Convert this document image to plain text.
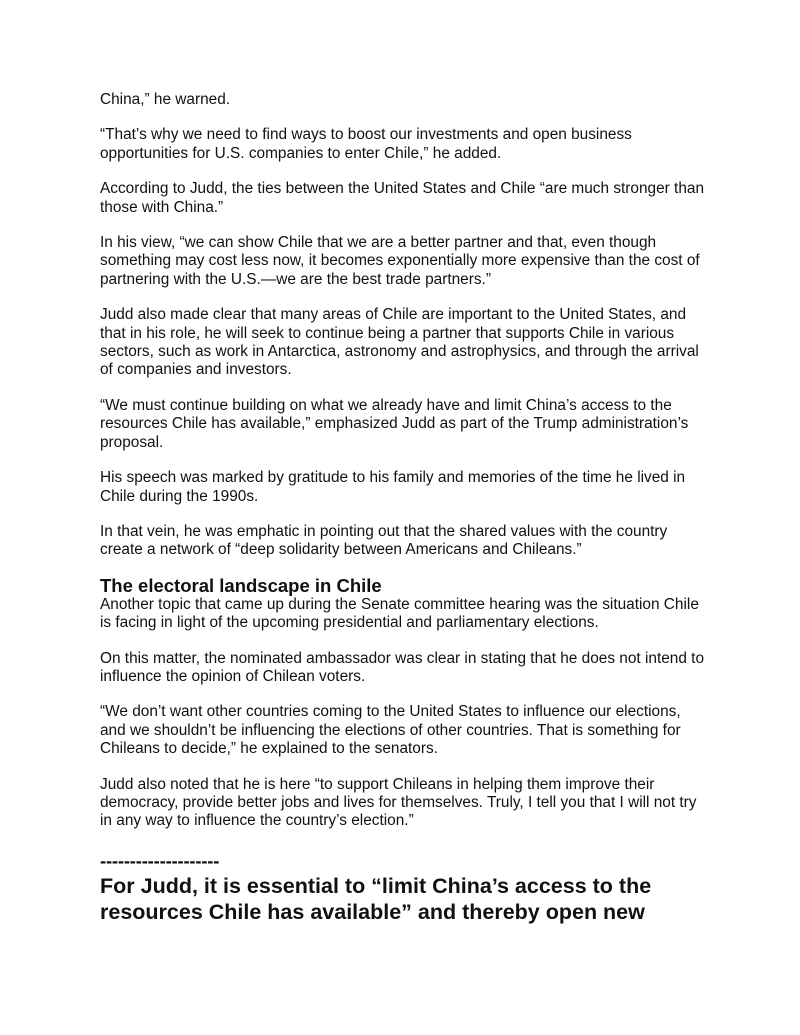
China,” he warned.

“That’s why we need to find ways to boost our investments and open business opportunities for U.S. companies to enter Chile,” he added.

According to Judd, the ties between the United States and Chile “are much stronger than those with China.”

In his view, “we can show Chile that we are a better partner and that, even though something may cost less now, it becomes exponentially more expensive than the cost of partnering with the U.S.—we are the best trade partners.”

Judd also made clear that many areas of Chile are important to the United States, and that in his role, he will seek to continue being a partner that supports Chile in various sectors, such as work in Antarctica, astronomy and astrophysics, and through the arrival of companies and investors.

“We must continue building on what we already have and limit China’s access to the resources Chile has available,” emphasized Judd as part of the Trump administration’s proposal.

His speech was marked by gratitude to his family and memories of the time he lived in Chile during the 1990s.

In that vein, he was emphatic in pointing out that the shared values with the country create a network of “deep solidarity between Americans and Chileans.”

The electoral landscape in Chile

Another topic that came up during the Senate committee hearing was the situation Chile is facing in light of the upcoming presidential and parliamentary elections.

On this matter, the nominated ambassador was clear in stating that he does not intend to influence the opinion of Chilean voters.

“We don’t want other countries coming to the United States to influence our elections, and we shouldn’t be influencing the elections of other countries. That is something for Chileans to decide,” he explained to the senators.

Judd also noted that he is here “to support Chileans in helping them improve their democracy, provide better jobs and lives for themselves. Truly, I tell you that I will not try in any way to influence the country’s election.”

--------------------
For Judd, it is essential to “limit China’s access to the resources Chile has available” and thereby open new
